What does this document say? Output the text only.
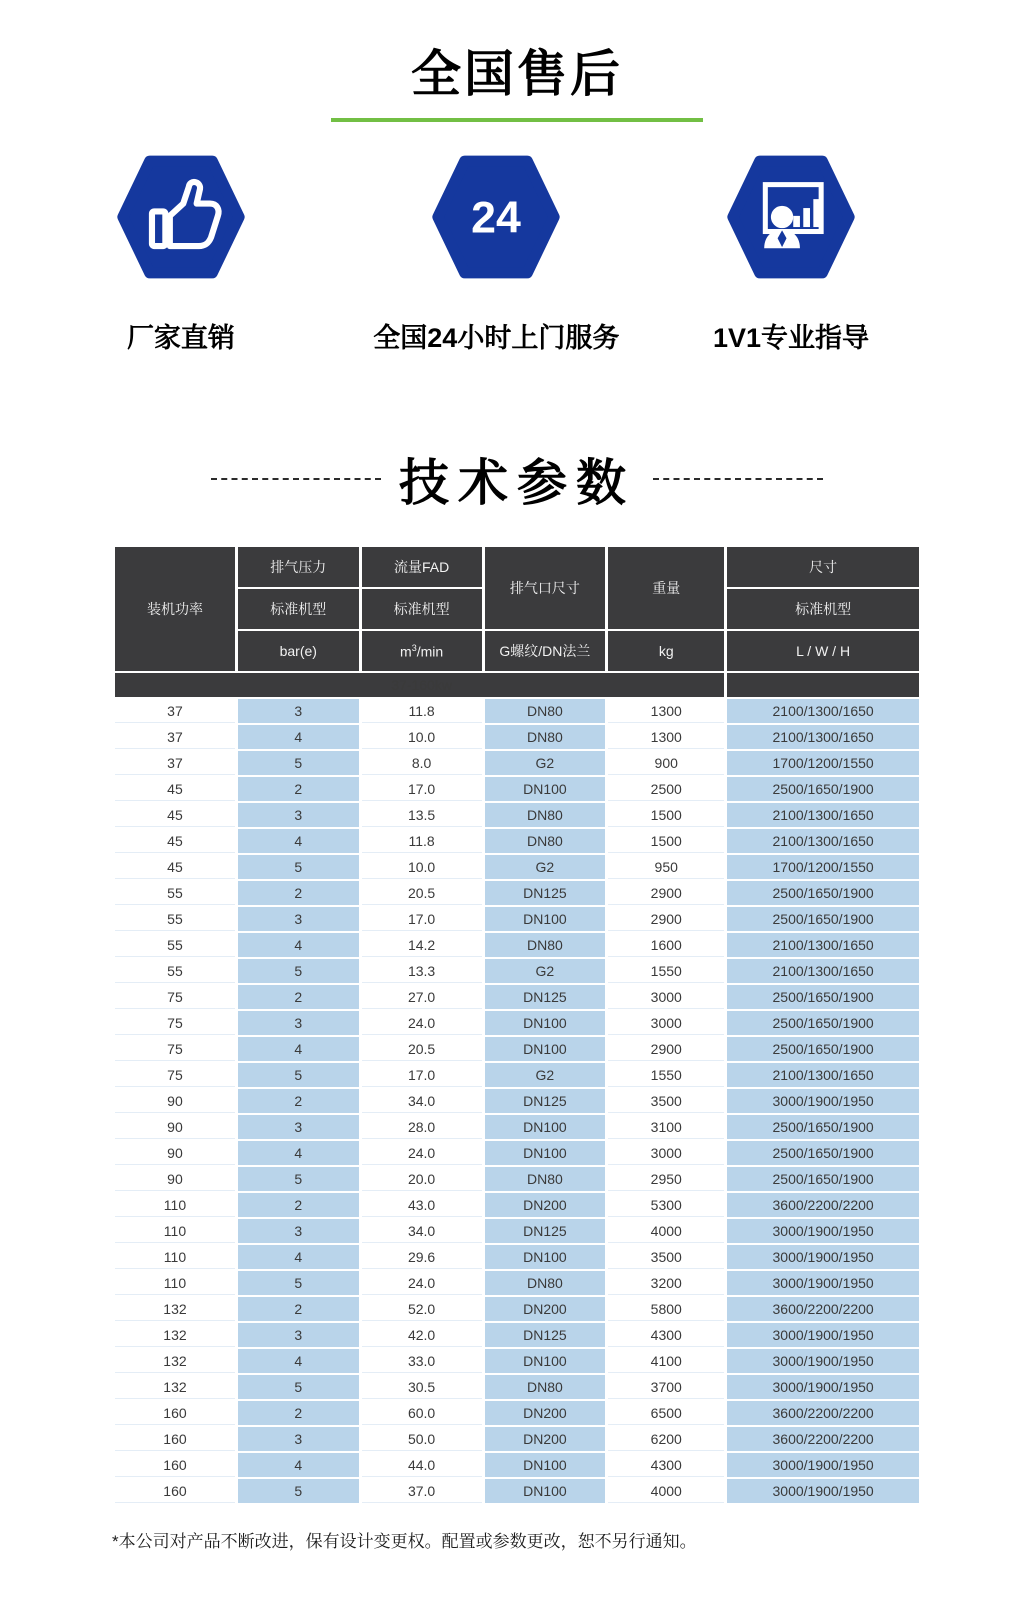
全国售后
厂家直销
24
全国24小时上门服务	1V1专业指导
技术参数
装机功率	排气压力	流量FAD	排气口尺寸	重量	尺寸
	标准机型	标准机型			标准机型
	bar(e)	$m^3/\min$	G螺纹/DN法兰	kg	L / W / H
37-160kw					
37	3	11.8	DN80	1300	2100/1300/1650
37	4	10.0	DN80	1300	2100/1300/1650
37	5	8.0	G2	900	1700/1200/1550
45	2	17.0	DN100	2500	2500/1650/1900
45	3	13.5	DN80	1500	2100/1300/1650
45	4	11.8	DN80	1500	2100/1300/1650
45	5	10.0	G2	950	1700/1200/1550
55	2	20.5	DN125	2900	2500/1650/1900
55	3	17.0	DN100	2900	2500/1650/1900
55	4	14.2	DN80	1600	2100/1300/1650
55	5	13.3	G2	1550	2100/1300/1650
75	2	27.0	DN125	3000	2500/1650/1900
75	3	24.0	DN100	3000	2500/1650/1900
75	4	20.5	DN100	2900	2500/1650/1900
75	5	17.0	G2	1550	2100/1300/1650
90	2	34.0	DN125	3500	3000/1900/1950
90	3	28.0	DN100	3100	2500/1650/1900
90	4	24.0	DN100	3000	2500/1650/1900
90	5	20.0	DN80	2950	2500/1650/1900
110	2	43.0	DN200	5300	3600/2200/2200
110	3	34.0	DN125	4000	3000/1900/1950
110	4	29.6	DN100	3500	3000/1900/1950
110	5	24.0	DN80	3200	3000/1900/1950
132	2	52.0	DN200	5800	3600/2200/2200
132	3	42.0	DN125	4300	3000/1900/1950
132	4	33.0	DN100	4100	3000/1900/1950
132	5	30.5	DN80	3700	3000/1900/1950
160	2	60.0	DN200	6500	3600/2200/2200
160	3	50.0	DN200	6200	3600/2200/2200
160	4	44.0	DN100	4300	3000/1900/1950
160	5	37.0	DN100	4000	3000/1900/1950
*本公司对产品不断改进，保有设计变更权。配置或参数更改，恕不另行通知。
